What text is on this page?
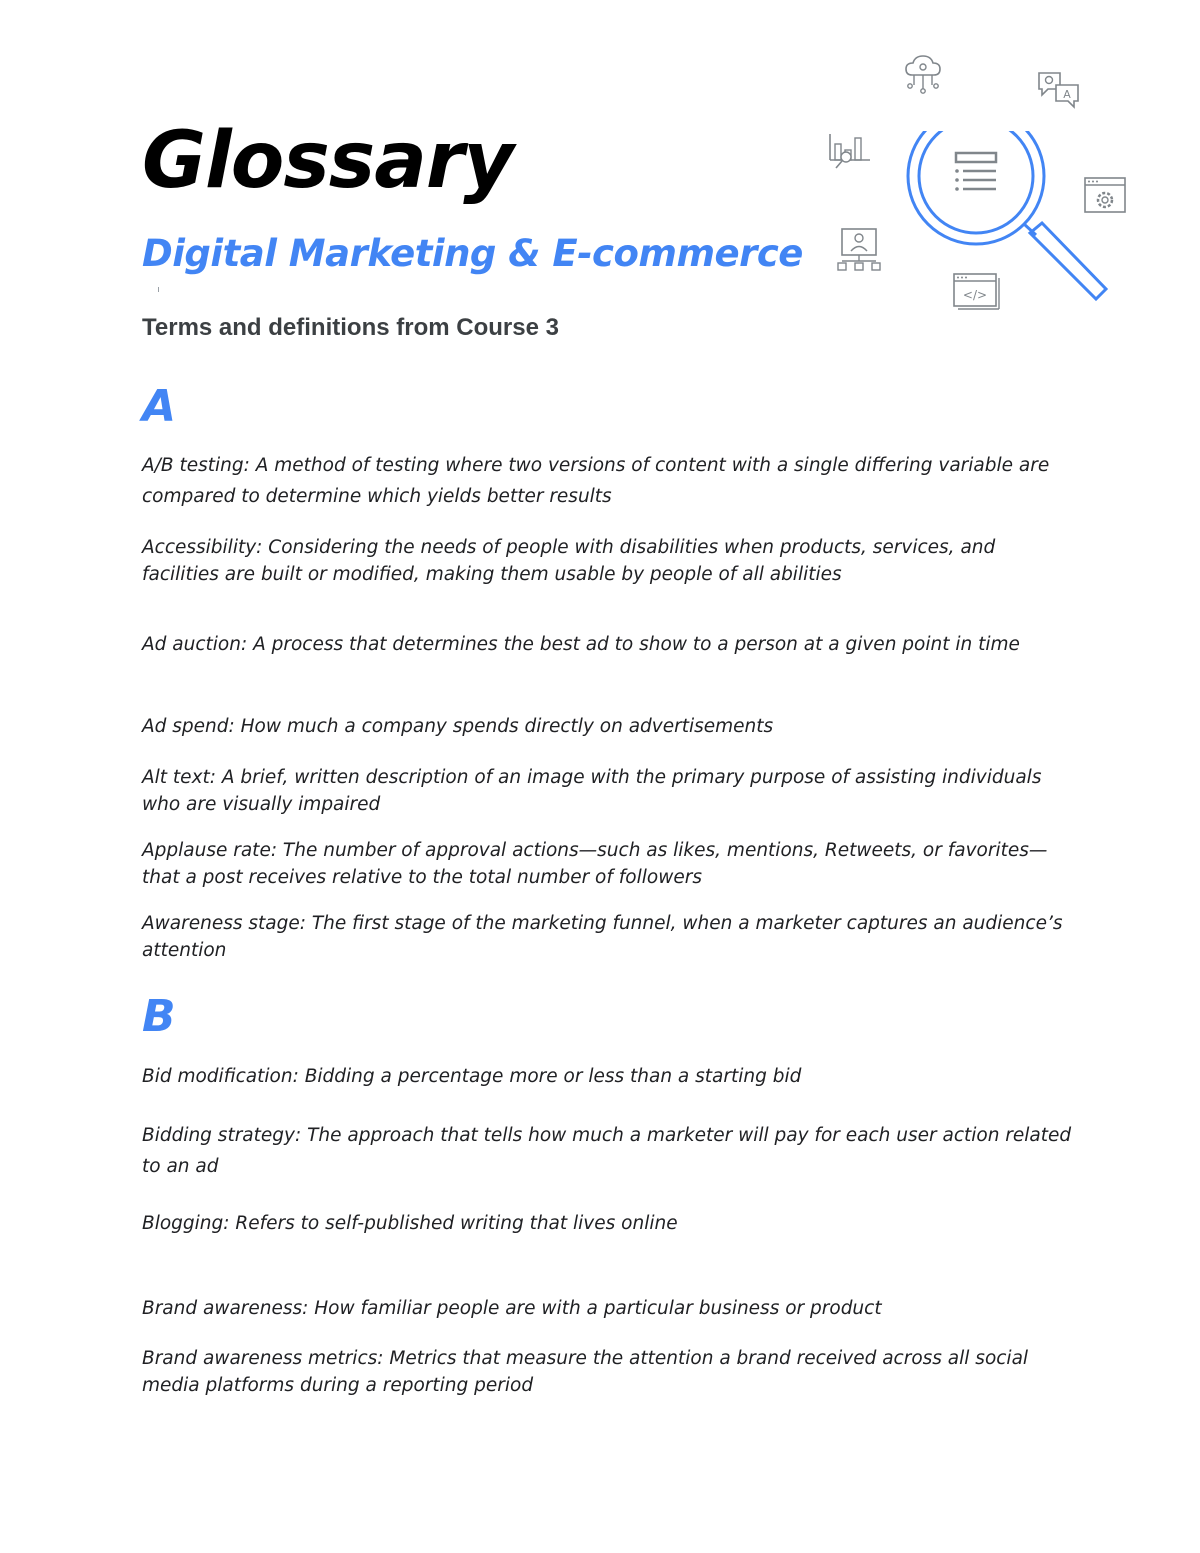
Glossary
Digital Marketing & E-commerce

Terms and definitions from Course 3

A
</>
A

A/B testing: A method of testing where two versions of content with a single differing variable are compared to determine which yields better results

Accessibility: Considering the needs of people with disabilities when products, services, and facilities are built or modified, making them usable by people of all abilities

Ad auction: A process that determines the best ad to show to a person at a given point in time

Ad spend: How much a company spends directly on advertisements

Alt text: A brief, written description of an image with the primary purpose of assisting individuals who are visually impaired

Applause rate: The number of approval actions—such as likes, mentions, Retweets, or favorites—that a post receives relative to the total number of followers

Awareness stage: The first stage of the marketing funnel, when a marketer captures an audience’s attention

B

Bid modification: Bidding a percentage more or less than a starting bid

Bidding strategy: The approach that tells how much a marketer will pay for each user action related to an ad

Blogging: Refers to self-published writing that lives online

Brand awareness: How familiar people are with a particular business or product

Brand awareness metrics: Metrics that measure the attention a brand received across all social media platforms during a reporting period
